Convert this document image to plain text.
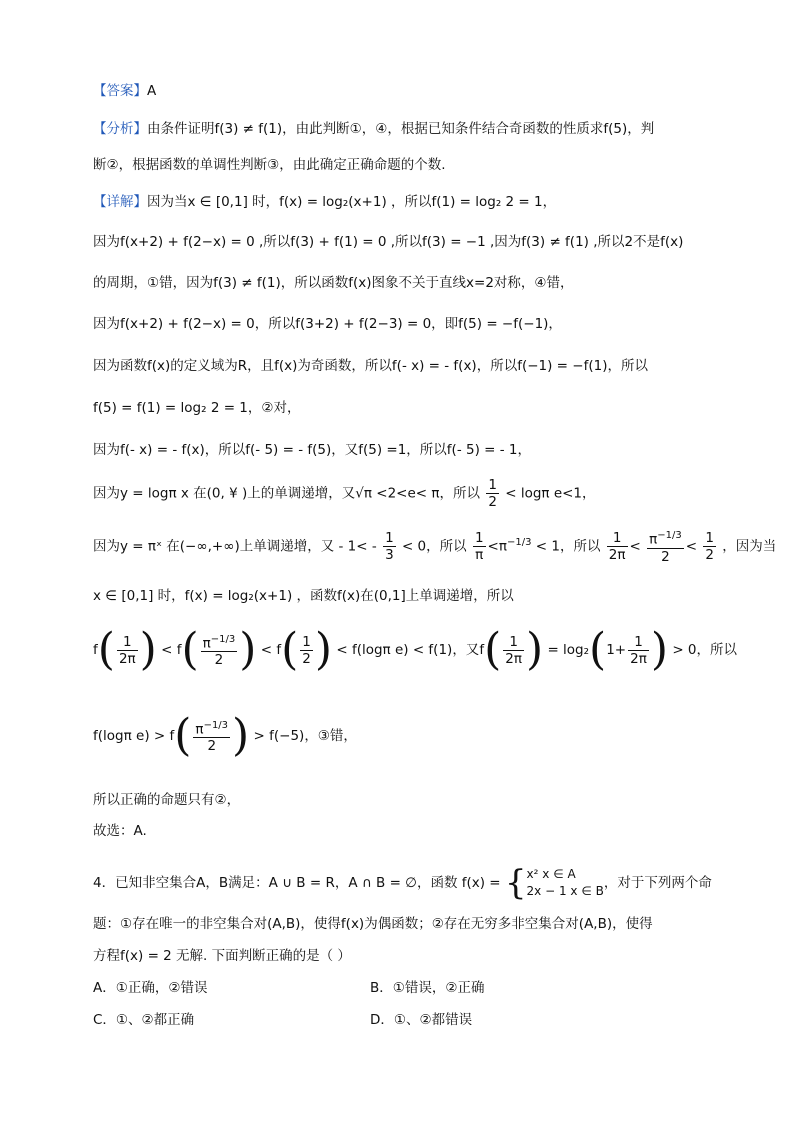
【答案】A
【分析】由条件证明f(3) ≠ f(1)，由此判断①，④，根据已知条件结合奇函数的性质求f(5)，判
断②，根据函数的单调性判断③，由此确定正确命题的个数.
【详解】因为当x ∈ [0,1] 时，f(x) = log₂(x+1) ，所以f(1) = log₂ 2 = 1，
因为f(x+2) + f(2−x) = 0 ,所以f(3) + f(1) = 0 ,所以f(3) = −1 ,因为f(3) ≠ f(1) ,所以2不是f(x)
的周期，①错，因为f(3) ≠ f(1)，所以函数f(x)图象不关于直线x=2对称，④错，
因为f(x+2) + f(2−x) = 0，所以f(3+2) + f(2−3) = 0，即f(5) = −f(−1)，
因为函数f(x)的定义域为R，且f(x)为奇函数，所以f(- x) = - f(x)，所以f(−1) = −f(1)，所以
f(5) = f(1) = log₂ 2 = 1，②对，
因为f(- x) = - f(x)，所以f(- 5) = - f(5)，又f(5) =1，所以f(- 5) = - 1，
因为y = logπ x 在(0, ¥ )上的单调递增，又√π <2<e< π，所以 $\frac{1}{2} < \log\pi$ e<1，
因为y = πˣ 在(−∞,+∞)上单调递增，又 - $1< - \frac{1}{3} < 0$，所以 $\frac{1}{\pi} <\pi^{-1/3} < 1$，所以 $\frac{1}{2\pi} < \frac{\pi^{-1/3}}{2} < \frac{1}{2}$ ，因为当
x ∈ [0,1] 时，f(x) = log₂(x+1) ，函数f(x)在(0,1]上单调递增，所以
$f( \frac{1}{2\pi}$ ) < $f( \frac{\pi^{-1/3}}{2}$ ) < $f( \frac{1}{2}$ ) < f(logπ e) < f(1)，又$f( \frac{1}{2\pi}$ ) = $\log_2(1+ \frac{1}{2\pi}$ ) > 0，所以
f(logπ $e) > f( \frac{\pi^{-1/3}}{2}$ ) > f(−5)，③错，
所以正确的命题只有②，
故选：A.
4．已知非空集合A，B满足：A ∪ B = R，A ∩ B = ∅，函数 f(x) = { x² x ∈ A
2x − 1 x ∈ B ，对于下列两个命
题：①存在唯一的非空集合对(A,B)，使得f(x)为偶函数；②存在无穷多非空集合对(A,B)，使得
方程f(x) = 2 无解. 下面判断正确的是（ ）
A．①正确，②错误	B．①错误，②正确
C．①、②都正确	D．①、②都错误
